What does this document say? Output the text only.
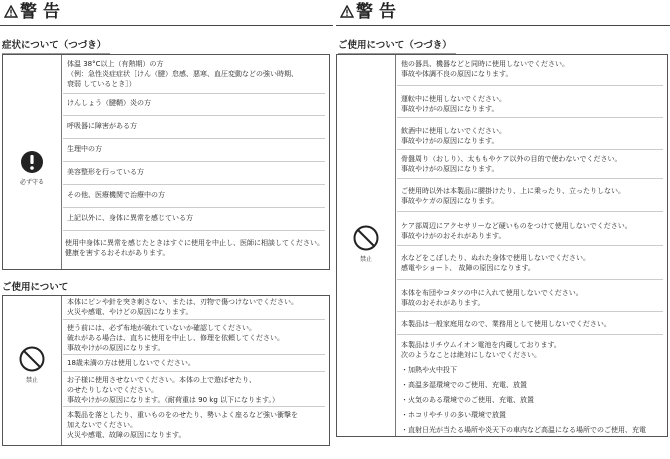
警告
症状について（つづき）
必ず守る
体温 38°C以上（有熱期）の方
（例：急性炎症症状［けん（腱）怠感、悪寒、血圧変動などの強い時期、
衰弱 しているとき］）
けんしょう（腱鞘）炎の方
呼吸器に障害がある方
生理中の方
美容整形を行っている方
その他、医療機関で治療中の方
上記以外に、身体に異常を感じている方
使用中身体に異常を感じたときはすぐに使用を中止し、医師に相談してください。
健康を害するおそれがあります。
ご使用について
禁止
本体にピンや針を突き刺さない、または、刃物で傷つけないでください。
火災や感電、やけどの原因になります。
使う前には、必ず布地が破れていないか確認してください。
破れがある場合は、直ちに使用を中止し、修理を依頼してください。
事故やけがの原因になります。
18歳未満の方は使用しないでください。
お子様に使用させないでください。本体の上で遊ばせたり、
のせたりしないでください。
事故やけがの原因になります。（耐荷重は 90 kg 以下になります。）
本製品を落としたり、重いものをのせたり、勢いよく座るなど強い衝撃を
加えないでください。
火災や感電、故障の原因になります。
警告
ご使用について（つづき）
禁止
他の器具、機器などと同時に使用しないでください。
事故や体調不良の原因になります。
運転中に使用しないでください。
事故やけがの原因になります。
飲酒中に使用しないでください。
事故やけがの原因になります。
骨盤周り（おしり）、太ももやケア以外の目的で使わないでください。
事故やけがの原因になります。
ご使用時以外は本製品に腰掛けたり、上に乗ったり、立ったりしない。
事故やケガの原因になります。
ケア部周辺にアクセサリーなど硬いものをつけて使用しないでください。
事故やけがのおそれがあります。
水などをこぼしたり、ぬれた身体で使用しないでください。
感電やショート、 故障の原因になります。
本体を布団やコタツの中に入れて使用しないでください。
事故のおそれがあります。
本製品は一般家庭用なので、業務用として使用しないでください。
本製品はリチウムイオン電池を内蔵しております。
次のようなことは絶対にしないでください。
・加熱や火中投下
・高温多湿環境でのご使用、充電、放置
・火気のある環境でのご使用、充電、放置
・ホコリやチリの多い環境で放置
・直射日光が当たる場所や炎天下の車内など高温になる場所でのご使用、充電
